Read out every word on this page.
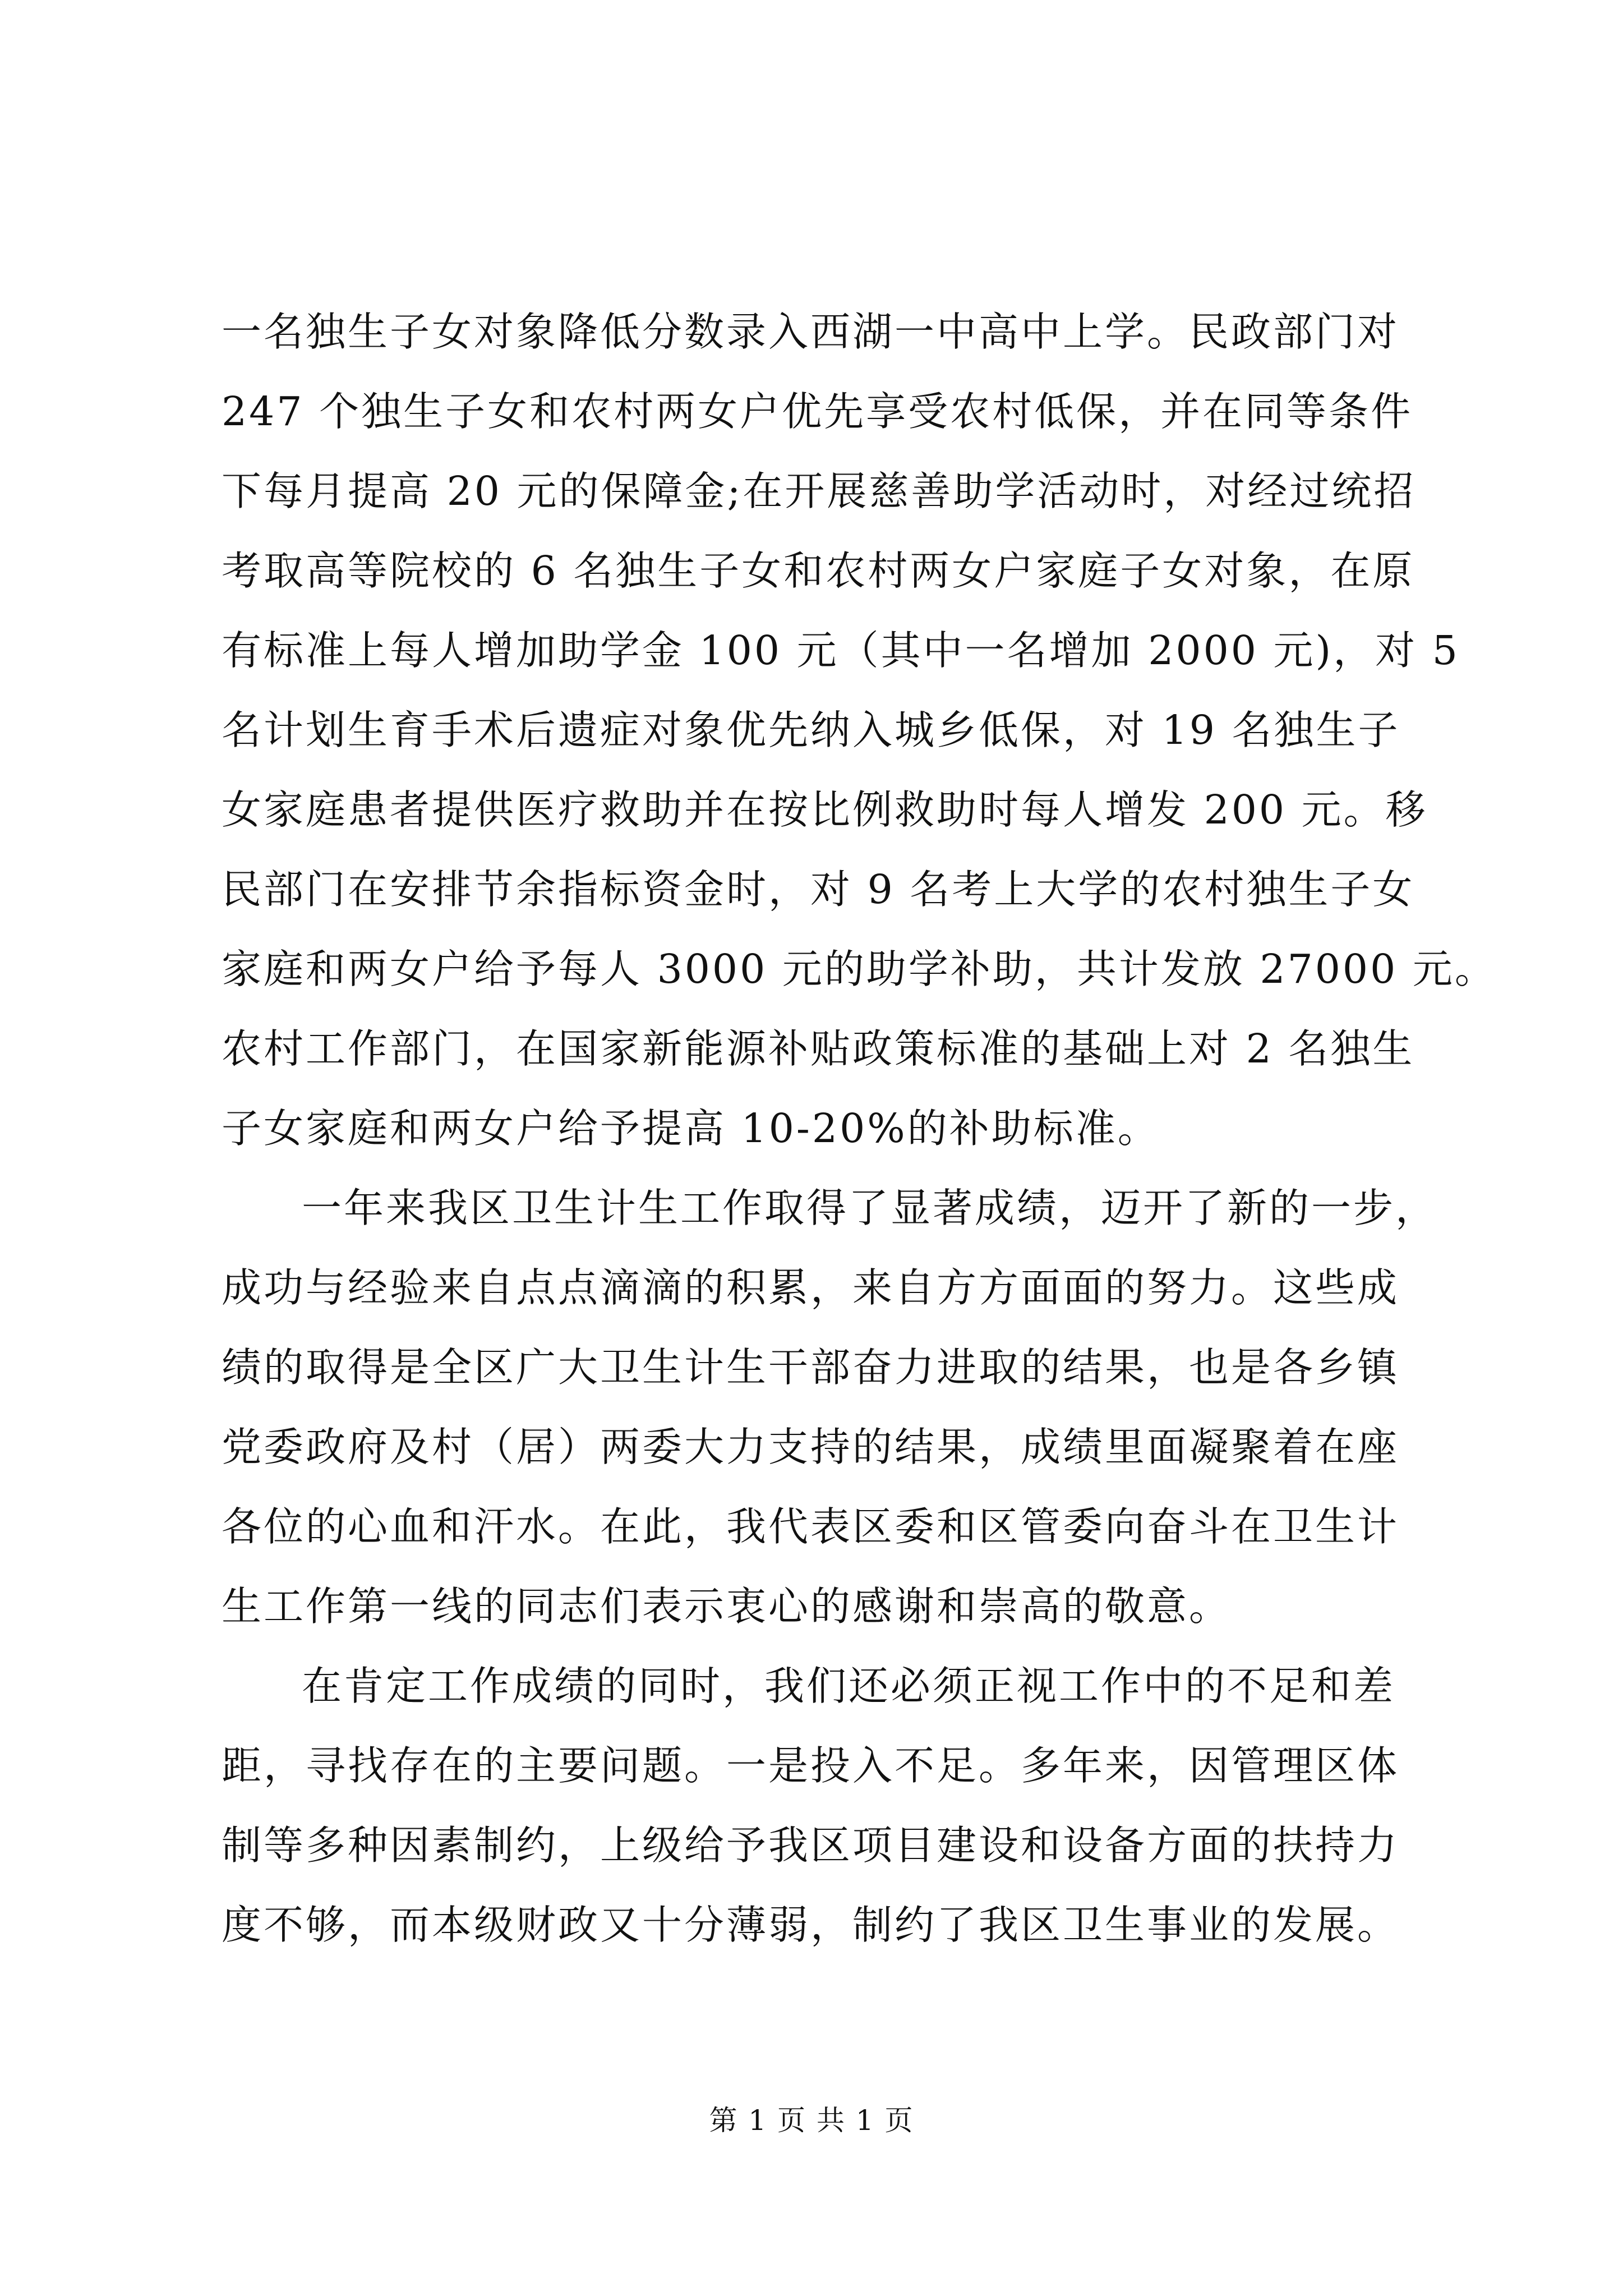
一名独生子女对象降低分数录入西湖一中高中上学。民政部门对
247 个独生子女和农村两女户优先享受农村低保，并在同等条件
下每月提高 20 元的保障金;在开展慈善助学活动时，对经过统招
考取高等院校的 6 名独生子女和农村两女户家庭子女对象，在原
有标准上每人增加助学金 100 元（其中一名增加 2000 元)，对 5
名计划生育手术后遗症对象优先纳入城乡低保，对 19 名独生子
女家庭患者提供医疗救助并在按比例救助时每人增发 200 元。移
民部门在安排节余指标资金时，对 9 名考上大学的农村独生子女
家庭和两女户给予每人 3000 元的助学补助，共计发放 27000 元。
农村工作部门，在国家新能源补贴政策标准的基础上对 2 名独生
子女家庭和两女户给予提高 10-20%的补助标准。
一年来我区卫生计生工作取得了显著成绩，迈开了新的一步，
成功与经验来自点点滴滴的积累，来自方方面面的努力。这些成
绩的取得是全区广大卫生计生干部奋力进取的结果，也是各乡镇
党委政府及村（居）两委大力支持的结果，成绩里面凝聚着在座
各位的心血和汗水。在此，我代表区委和区管委向奋斗在卫生计
生工作第一线的同志们表示衷心的感谢和崇高的敬意。
在肯定工作成绩的同时，我们还必须正视工作中的不足和差
距，寻找存在的主要问题。一是投入不足。多年来，因管理区体
制等多种因素制约，上级给予我区项目建设和设备方面的扶持力
度不够，而本级财政又十分薄弱，制约了我区卫生事业的发展。
第 1 页 共 1 页
